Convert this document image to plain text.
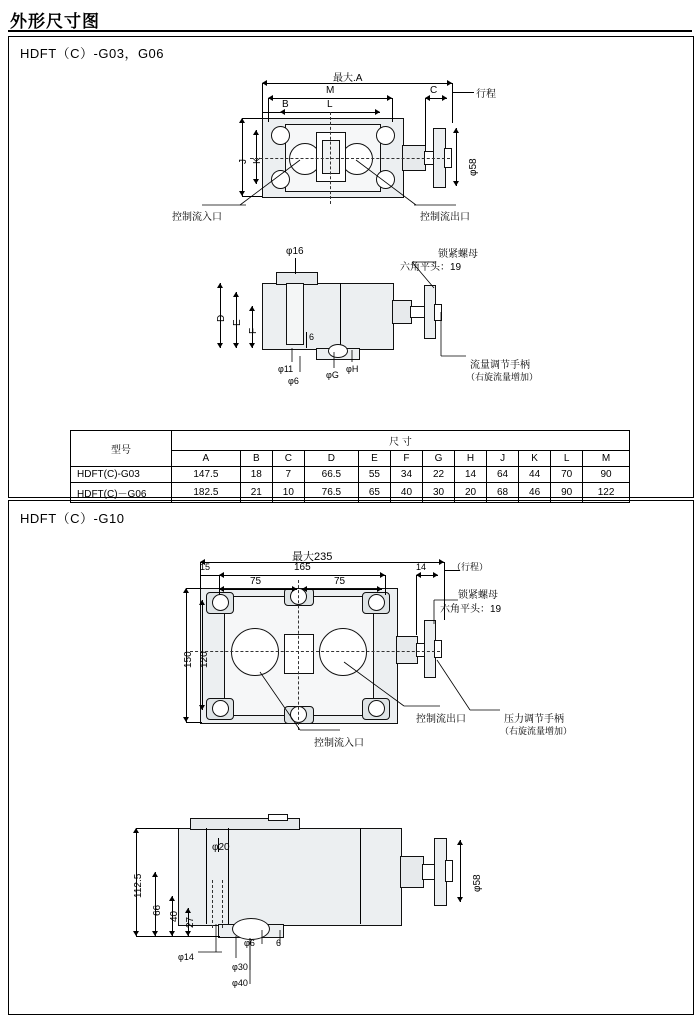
外形尺寸图
HDFT（C）-G03，G06
最大.A
M
L
B
C	行程
φ58
J K
控制流入口	控制流出口
φ16
D
E
F
6
φ11
φ6
φG
φH
锁紧螺母
六角平头：19
流量调节手柄
（右旋流量增加）
型号	尺 寸											
	A	B	C	D	E	F	G	H	J	K	L	M
HDFT(C)-G03	147.5	18	7	66.5	55	34	22	14	64	44	70	90
HDFT(C)－G06	182.5	21	10	76.5	65	40	30	20	68	46	90	122
HDFT（C）-G10
最大235
165
15
75	75
14	（行程）
150 120
锁紧螺母
六角平头：19
压力调节手柄
（右旋流量增加）
控制流出口
控制流入口
φ20
φ58
112.5
66
40
27
φ14
φ6 6
φ30
φ40
